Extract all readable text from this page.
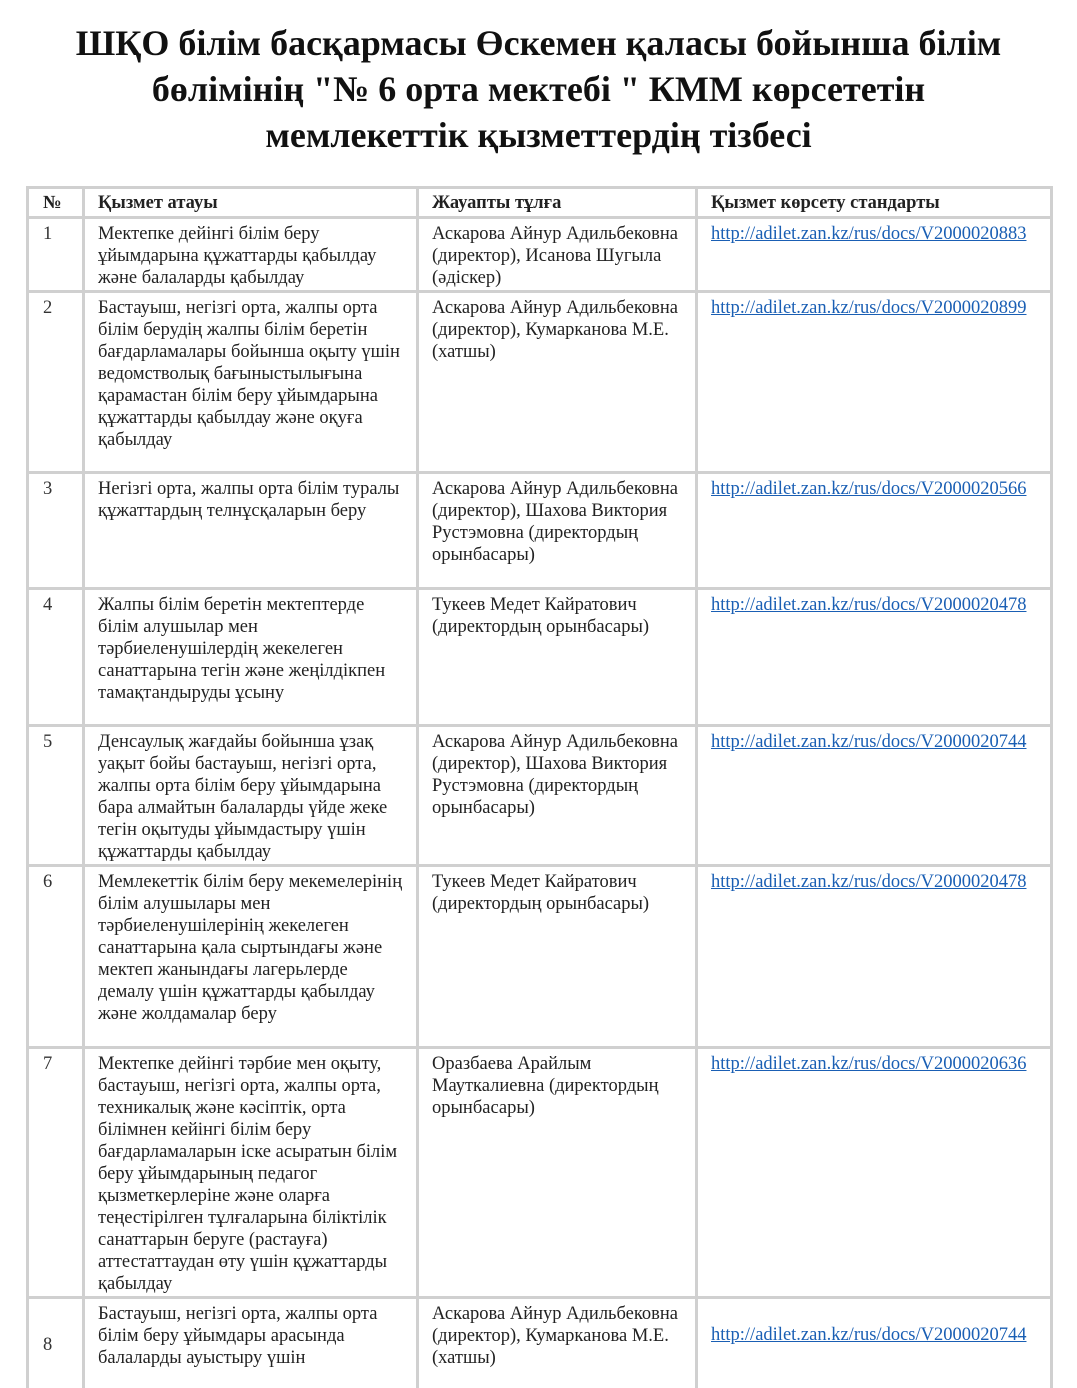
ШҚО білім басқармасы Өскемен қаласы бойынша білім
бөлімінің "№ 6 орта мектебі " КММ көрсететін
мемлекеттік қызметтердің тізбесі
№	Қызмет атауы	Жауапты тұлға	Қызмет көрсету стандарты
1	Мектепке дейінгі білім беру ұйымдарына құжаттарды қабылдау және балаларды қабылдау	Аскарова Айнур Адильбековна (директор), Исанова Шугыла (әдіскер)	http://adilet.zan.kz/rus/docs/V2000020883

2	Бастауыш, негізгі орта, жалпы орта білім берудің жалпы білім беретін бағдарламалары бойынша оқыту үшін ведомстволық бағыныстылығына қарамастан білім беру ұйымдарына құжаттарды қабылдау және оқуға қабылдау	Аскарова Айнур Адильбековна (директор), Кумарканова М.Е. (хатшы)	http://adilet.zan.kz/rus/docs/V2000020899

3	Негізгі орта, жалпы орта білім туралы құжаттардың телнұсқаларын беру	Аскарова Айнур Адильбековна (директор), Шахова Виктория Рустэмовна (директордың орынбасары)	http://adilet.zan.kz/rus/docs/V2000020566

4	Жалпы білім беретін мектептерде білім алушылар мен тәрбиеленушілердің жекелеген санаттарына тегін және жеңілдікпен тамақтандыруды ұсыну	Тукеев Медет Кайратович (директордың орынбасары)	http://adilet.zan.kz/rus/docs/V2000020478

5	Денсаулық жағдайы бойынша ұзақ уақыт бойы бастауыш, негізгі орта, жалпы орта білім беру ұйымдарына бара алмайтын балаларды үйде жеке тегін оқытуды ұйымдастыру үшін құжаттарды қабылдау	Аскарова Айнур Адильбековна (директор), Шахова Виктория Рустэмовна (директордың орынбасары)	http://adilet.zan.kz/rus/docs/V2000020744

6	Мемлекеттік білім беру мекемелерінің білім алушылары мен тәрбиеленушілерінің жекелеген санаттарына қала сыртындағы және мектеп жанындағы лагерьлерде демалу үшін құжаттарды қабылдау және жолдамалар беру	Тукеев Медет Кайратович (директордың орынбасары)	http://adilet.zan.kz/rus/docs/V2000020478

7	Мектепке дейінгі тәрбие мен оқыту, бастауыш, негізгі орта, жалпы орта, техникалық және кәсіптік, орта білімнен кейінгі білім беру бағдарламаларын іске асыратын білім беру ұйымдарының педагог қызметкерлеріне және оларға теңестірілген тұлғаларына біліктілік санаттарын беруге (растауға) аттестаттаудан өту үшін құжаттарды қабылдау	Оразбаева Арайлым Мауткалиевна (директордың орынбасары)	http://adilet.zan.kz/rus/docs/V2000020636

8	Бастауыш, негізгі орта, жалпы орта білім беру ұйымдары арасында балаларды ауыстыру үшін	Аскарова Айнур Адильбековна (директор), Кумарканова М.Е. (хатшы)	http://adilet.zan.kz/rus/docs/V2000020744
